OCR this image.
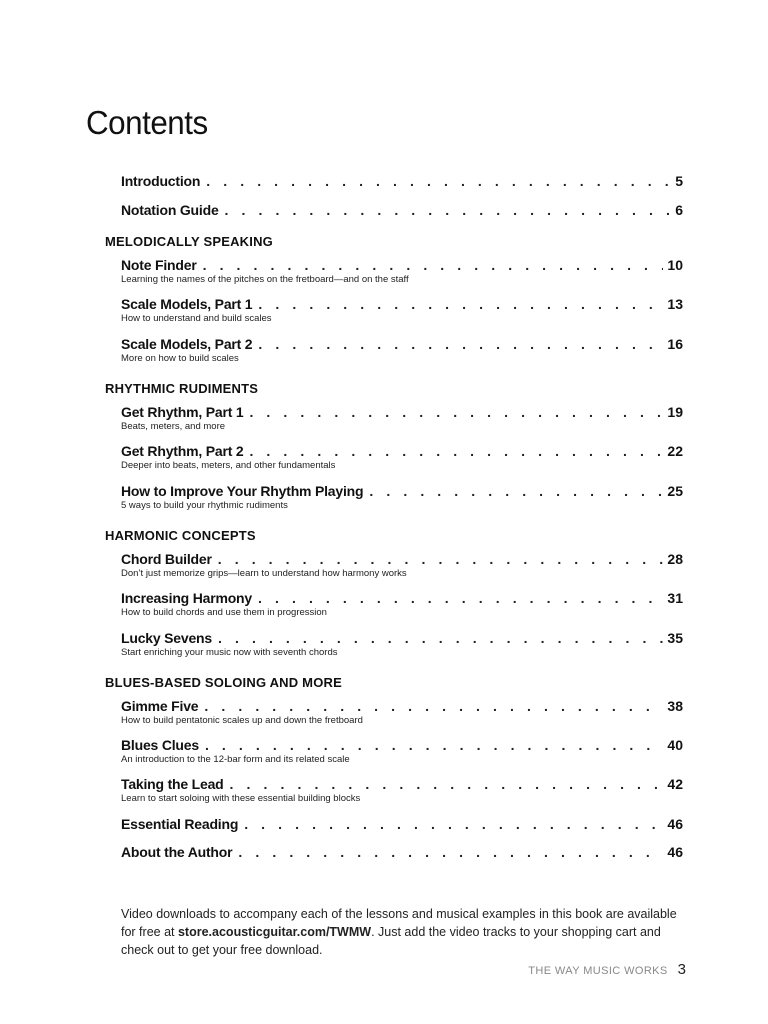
Contents
Introduction . . .	5
Notation Guide . . .	6
MELODICALLY SPEAKING
Note Finder . . .	10
Learning the names of the pitches on the fretboard—and on the staff
Scale Models, Part 1 . . .	13
How to understand and build scales
Scale Models, Part 2 . . .	16
More on how to build scales
RHYTHMIC RUDIMENTS
Get Rhythm, Part 1 . . .	19
Beats, meters, and more
Get Rhythm, Part 2 . . .	22
Deeper into beats, meters, and other fundamentals
How to Improve Your Rhythm Playing . . .	25
5 ways to build your rhythmic rudiments
HARMONIC CONCEPTS
Chord Builder . . .	28
Don’t just memorize grips—learn to understand how harmony works
Increasing Harmony . . .	31
How to build chords and use them in progression
Lucky Sevens . . .	35
Start enriching your music now with seventh chords
BLUES-BASED SOLOING AND MORE
Gimme Five . . .	38
How to build pentatonic scales up and down the fretboard
Blues Clues . . .	40
An introduction to the 12-bar form and its related scale
Taking the Lead . . .	42
Learn to start soloing with these essential building blocks
Essential Reading . . .	46
About the Author . . .	46

Video downloads to accompany each of the lessons and musical examples in this book are available for free at store.acousticguitar.com/TWMW. Just add the video tracks to your shopping cart and check out to get your free download.

THE WAY MUSIC WORKS 3
